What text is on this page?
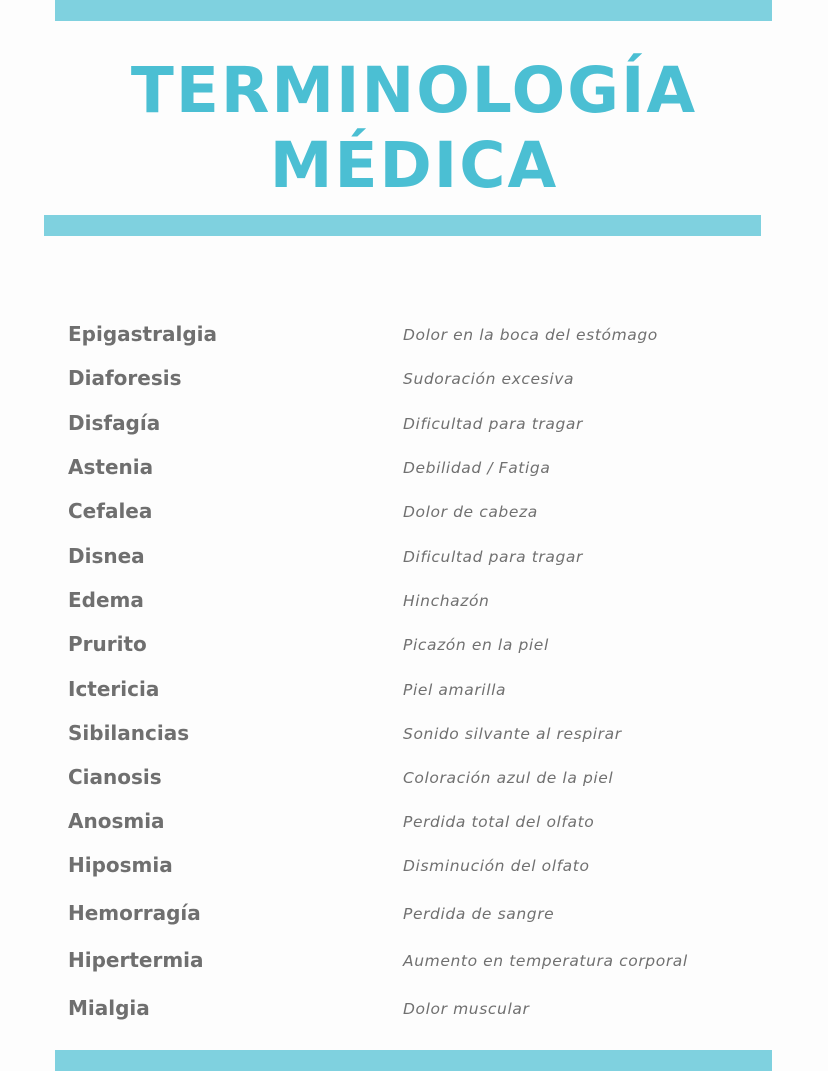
TERMINOLOGÍA
MÉDICA
Epigastralgia	Dolor en la boca del estómago
Diaforesis	Sudoración excesiva
Disfagía	Dificultad para tragar
Astenia	Debilidad / Fatiga
Cefalea	Dolor de cabeza
Disnea	Dificultad para tragar
Edema	Hinchazón
Prurito	Picazón en la piel
Ictericia	Piel amarilla
Sibilancias	Sonido silvante al respirar
Cianosis	Coloración azul de la piel
Anosmia	Perdida total del olfato
Hiposmia	Disminución del olfato
Hemorragía	Perdida de sangre
Hipertermia	Aumento en temperatura corporal
Mialgia	Dolor muscular
